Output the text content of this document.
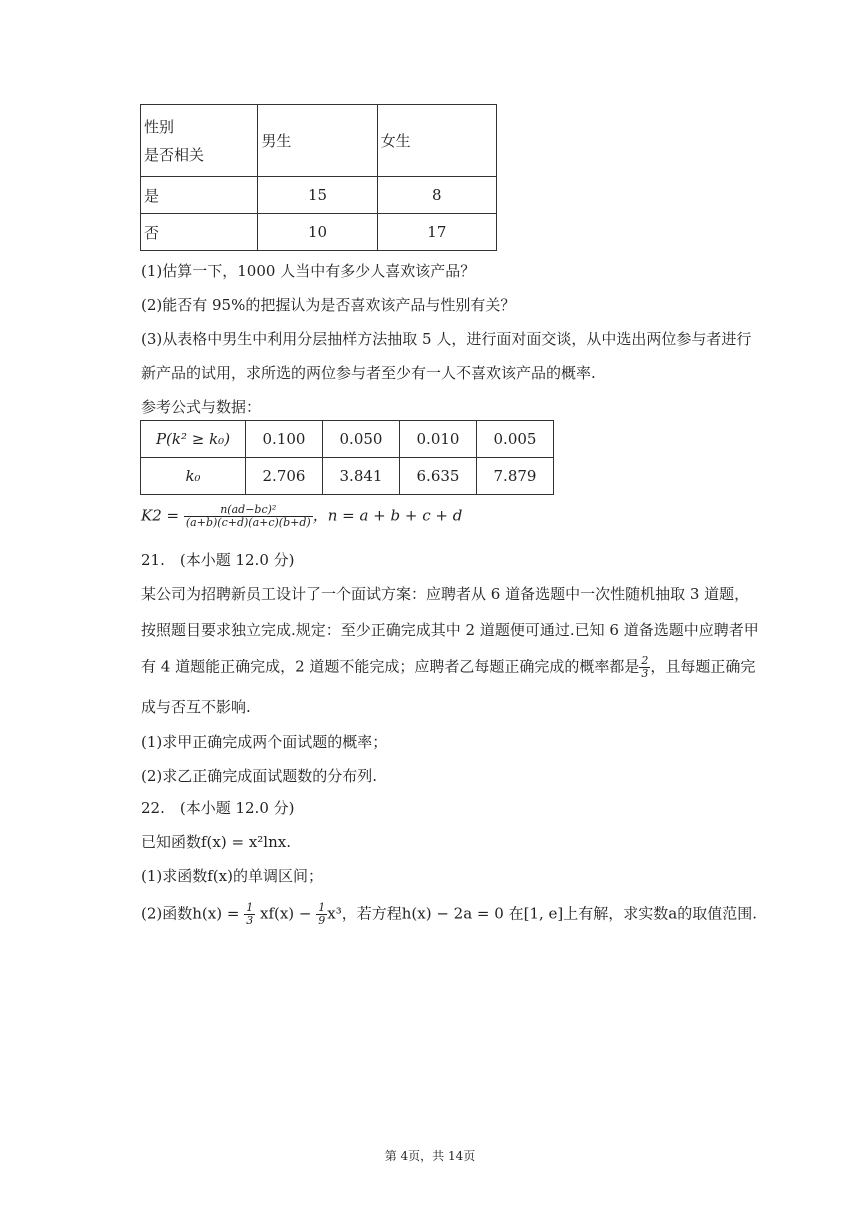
性别
是否相关	男生	女生
是	15	8
否	10	17
(1)估算一下，1000 人当中有多少人喜欢该产品？
(2)能否有 95%的把握认为是否喜欢该产品与性别有关？
(3)从表格中男生中利用分层抽样方法抽取 5 人，进行面对面交谈，从中选出两位参与者进行
新产品的试用，求所选的两位参与者至少有一人不喜欢该产品的概率.
参考公式与数据：
P(k² ≥ k₀)	0.100	0.050	0.010	0.005
k₀	2.706	3.841	6.635	7.879
$K2 = \frac{\text{n(ad−bc)²}}{(a+b)(c+d)(a+c)(b+d)}$ ，n = a + b + c + d
21.　(本小题 12.0 分)
某公司为招聘新员工设计了一个面试方案：应聘者从 6 道备选题中一次性随机抽取 3 道题，
按照题目要求独立完成.规定：至少正确完成其中 2 道题便可通过.已知 6 道备选题中应聘者甲
有 4 道题能正确完成，2 道题不能完成；应聘者乙每题正确完成的概率都是 $\frac{2}{3}$ ，且每题正确完
成与否互不影响.
(1)求甲正确完成两个面试题的概率；
(2)求乙正确完成面试题数的分布列.
22.　(本小题 12.0 分)
已知函数f(x) = x²lnx.
(1)求函数f(x)的单调区间；
(2)函数$h(x) = \frac{1}{3} xf(x) - \frac{1}{9} x^3$，若方程h(x) − 2a = 0 在[1, e]上有解，求实数a的取值范围.
第 4页，共 14页
